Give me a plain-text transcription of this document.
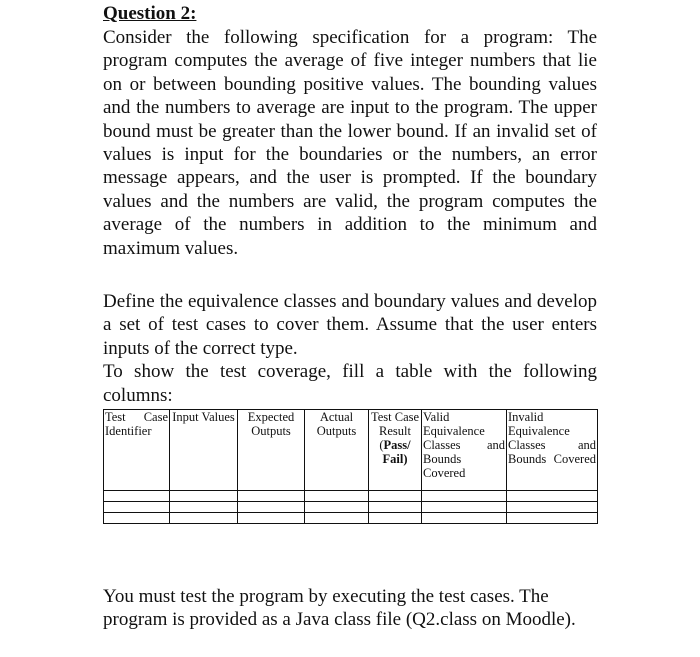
Question 2:

Consider the following specification for a program: The program computes the average of five integer numbers that lie on or between bounding positive values. The bounding values and the numbers to average are input to the program. The upper bound must be greater than the lower bound. If an invalid set of values is input for the boundaries or the numbers, an error message appears, and the user is prompted. If the boundary values and the numbers are valid, the program computes the average of the numbers in addition to the minimum and maximum values.

Define the equivalence classes and boundary values and develop a set of test cases to cover them. Assume that the user enters inputs of the correct type.
To show the test coverage, fill a table with the following columns:
Test Case Identifier	Input Values	Expected Outputs	Actual Outputs	Test Case Result (Pass/ Fail)	Valid Equivalence Classes and Bounds Covered	Invalid Equivalence Classes and Bounds Covered

You must test the program by executing the test cases. The program is provided as a Java class file (Q2.class on Moodle).
